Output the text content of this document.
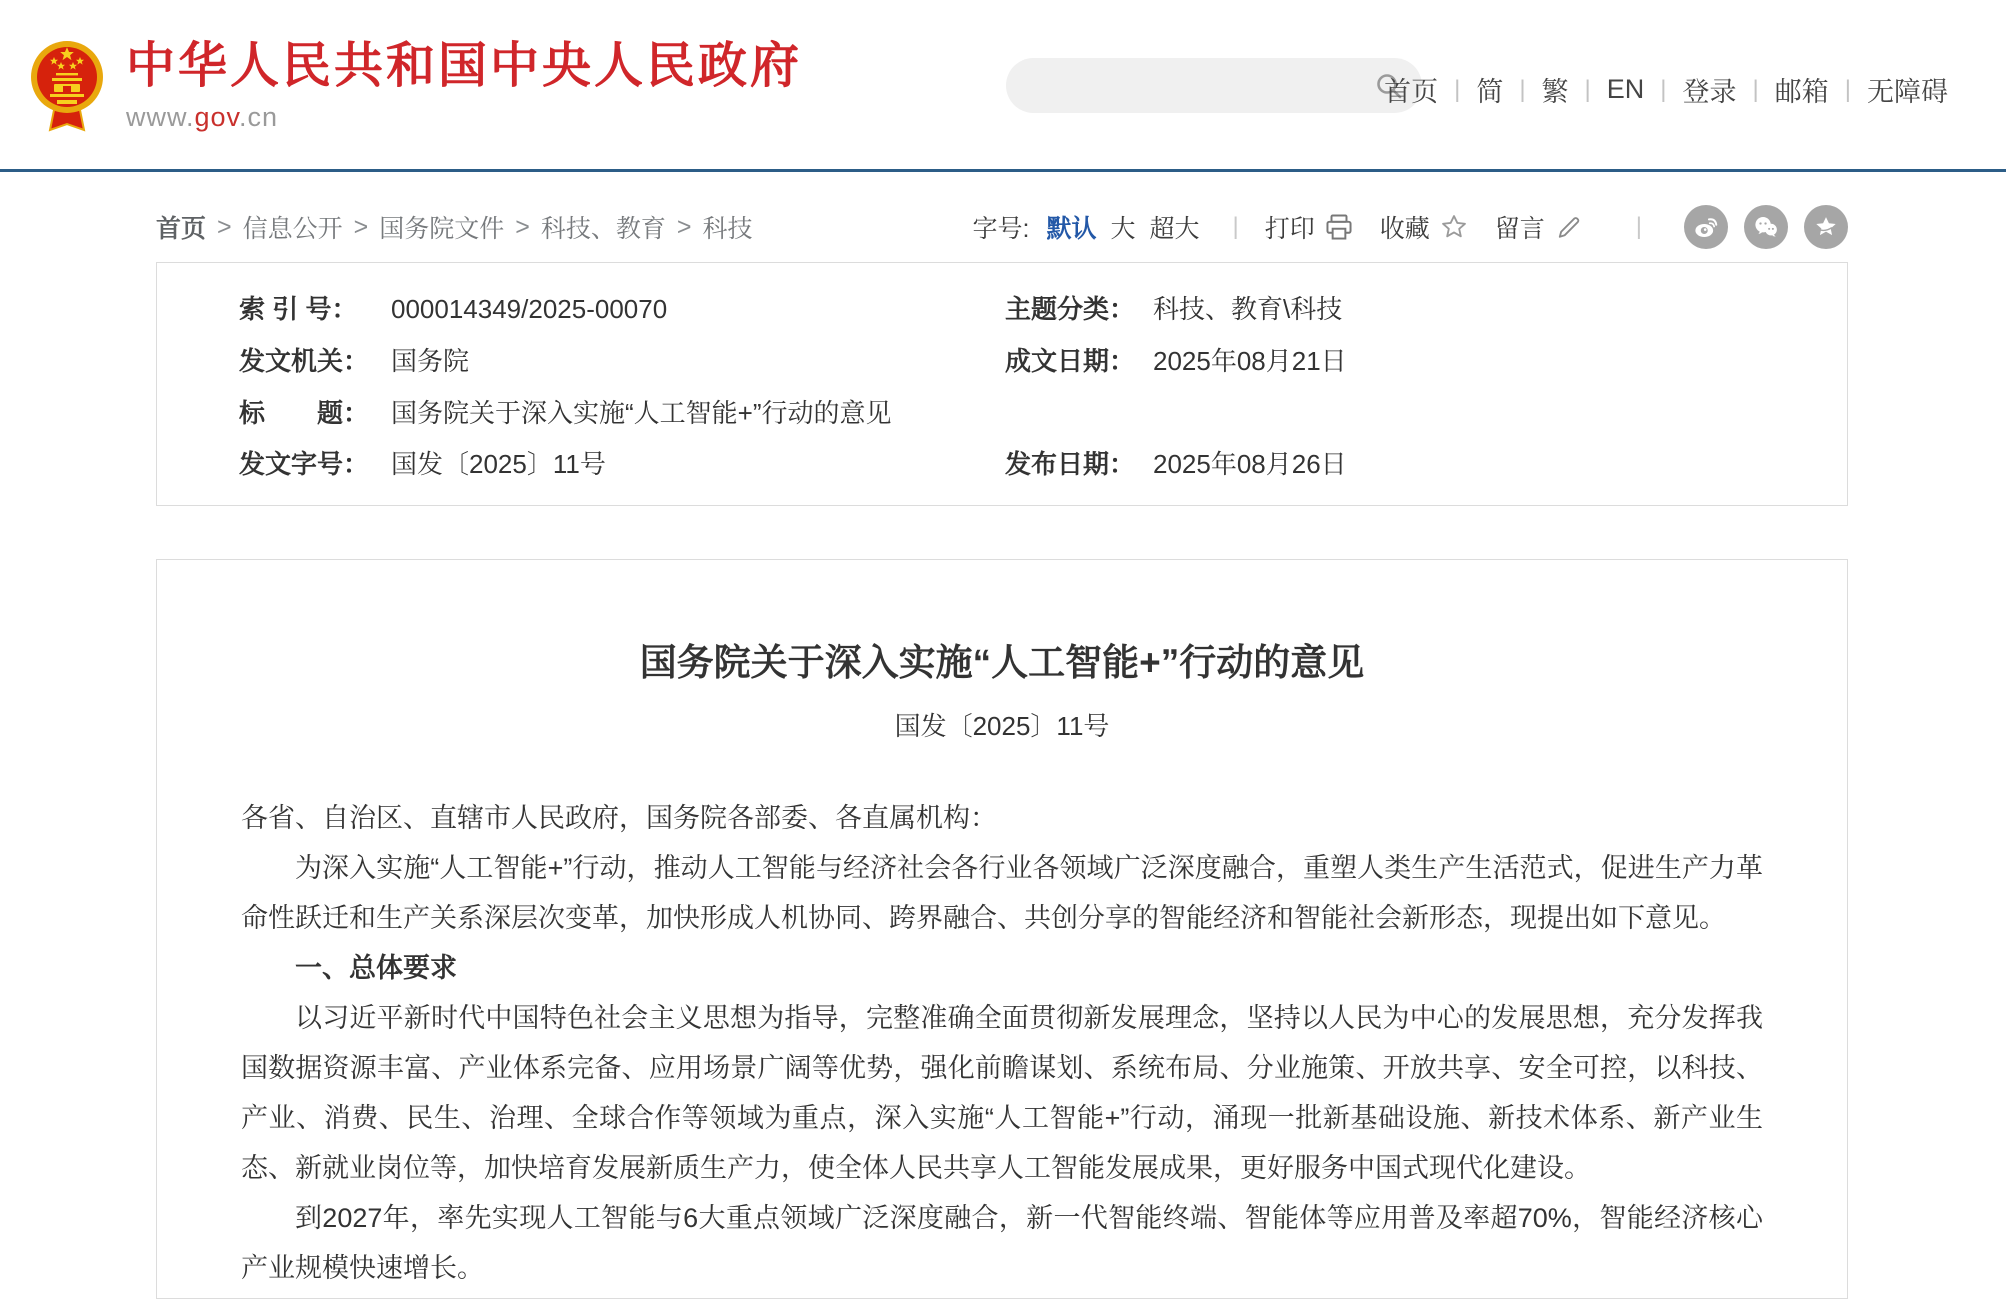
中华人民共和国中央人民政府
www.gov.cn
首页 | 简 | 繁 | EN | 登录 | 邮箱 | 无障碍
首页 > 信息公开 > 国务院文件 > 科技、教育 > 科技	字号: 默认 大 超大 | 打印	收藏	留言	|
索 引 号： 000014349/2025-00070	主题分类： 科技、教育\科技
发文机关： 国务院	成文日期： 2025年08月21日
标　　题： 国务院关于深入实施“人工智能+”行动的意见
发文字号： 国发〔2025〕11号	发布日期： 2025年08月26日
国务院关于深入实施“人工智能+”行动的意见
国发〔2025〕11号

各省、自治区、直辖市人民政府，国务院各部委、各直属机构：

为深入实施“人工智能+”行动，推动人工智能与经济社会各行业各领域广泛深度融合，重塑人类生产生活范式，促进生产力革命性跃迁和生产关系深层次变革，加快形成人机协同、跨界融合、共创分享的智能经济和智能社会新形态，现提出如下意见。

一、总体要求

以习近平新时代中国特色社会主义思想为指导，完整准确全面贯彻新发展理念，坚持以人民为中心的发展思想，充分发挥我国数据资源丰富、产业体系完备、应用场景广阔等优势，强化前瞻谋划、系统布局、分业施策、开放共享、安全可控，以科技、产业、消费、民生、治理、全球合作等领域为重点，深入实施“人工智能+”行动，涌现一批新基础设施、新技术体系、新产业生态、新就业岗位等，加快培育发展新质生产力，使全体人民共享人工智能发展成果，更好服务中国式现代化建设。

到2027年，率先实现人工智能与6大重点领域广泛深度融合，新一代智能终端、智能体等应用普及率超70%，智能经济核心产业规模快速增长。
